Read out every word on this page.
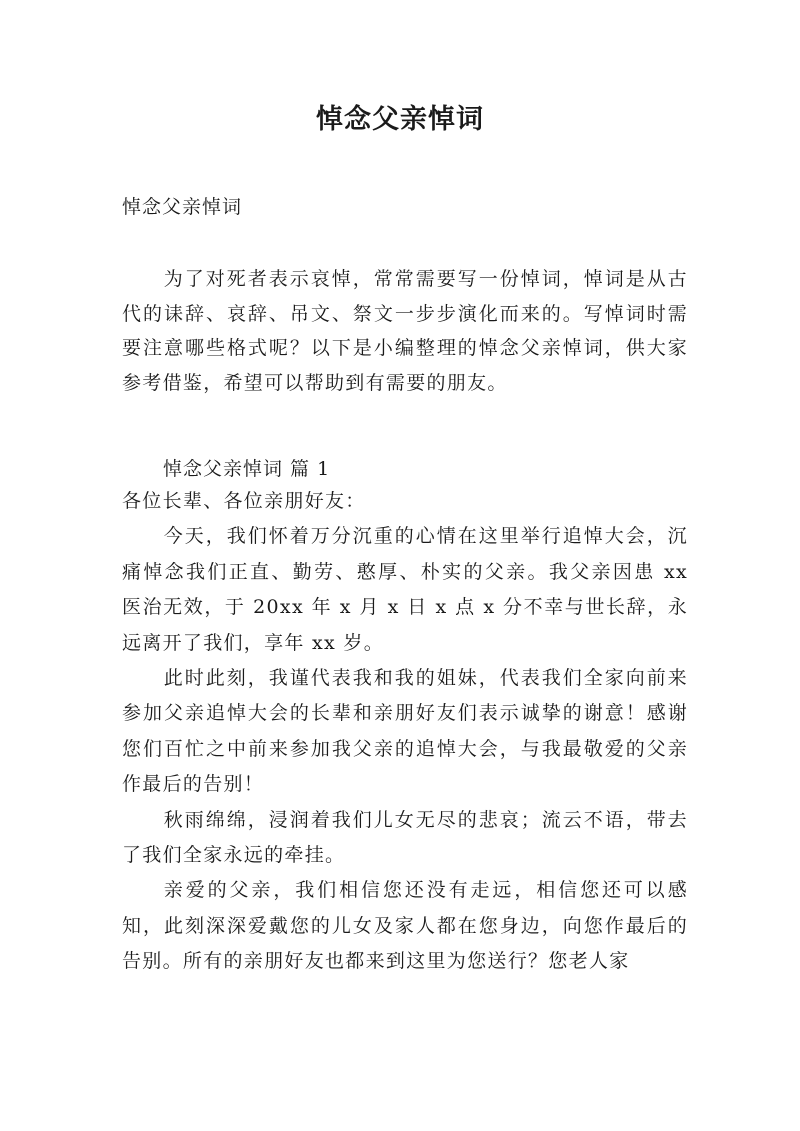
悼念父亲悼词

悼念父亲悼词

为了对死者表示哀悼，常常需要写一份悼词，悼词是从古代的诔辞、哀辞、吊文、祭文一步步演化而来的。写悼词时需要注意哪些格式呢？以下是小编整理的悼念父亲悼词，供大家参考借鉴，希望可以帮助到有需要的朋友。

悼念父亲悼词 篇 1

各位长辈、各位亲朋好友：

今天，我们怀着万分沉重的心情在这里举行追悼大会，沉痛悼念我们正直、勤劳、憨厚、朴实的父亲。我父亲因患 xx 医治无效，于 20xx 年 x 月 x 日 x 点 x 分不幸与世长辞，永远离开了我们，享年 xx 岁。

此时此刻，我谨代表我和我的姐妹，代表我们全家向前来参加父亲追悼大会的长辈和亲朋好友们表示诚挚的谢意！感谢您们百忙之中前来参加我父亲的追悼大会，与我最敬爱的父亲作最后的告别！

秋雨绵绵，浸润着我们儿女无尽的悲哀；流云不语，带去了我们全家永远的牵挂。

亲爱的父亲，我们相信您还没有走远，相信您还可以感知，此刻深深爱戴您的儿女及家人都在您身边，向您作最后的告别。所有的亲朋好友也都来到这里为您送行？您老人家
